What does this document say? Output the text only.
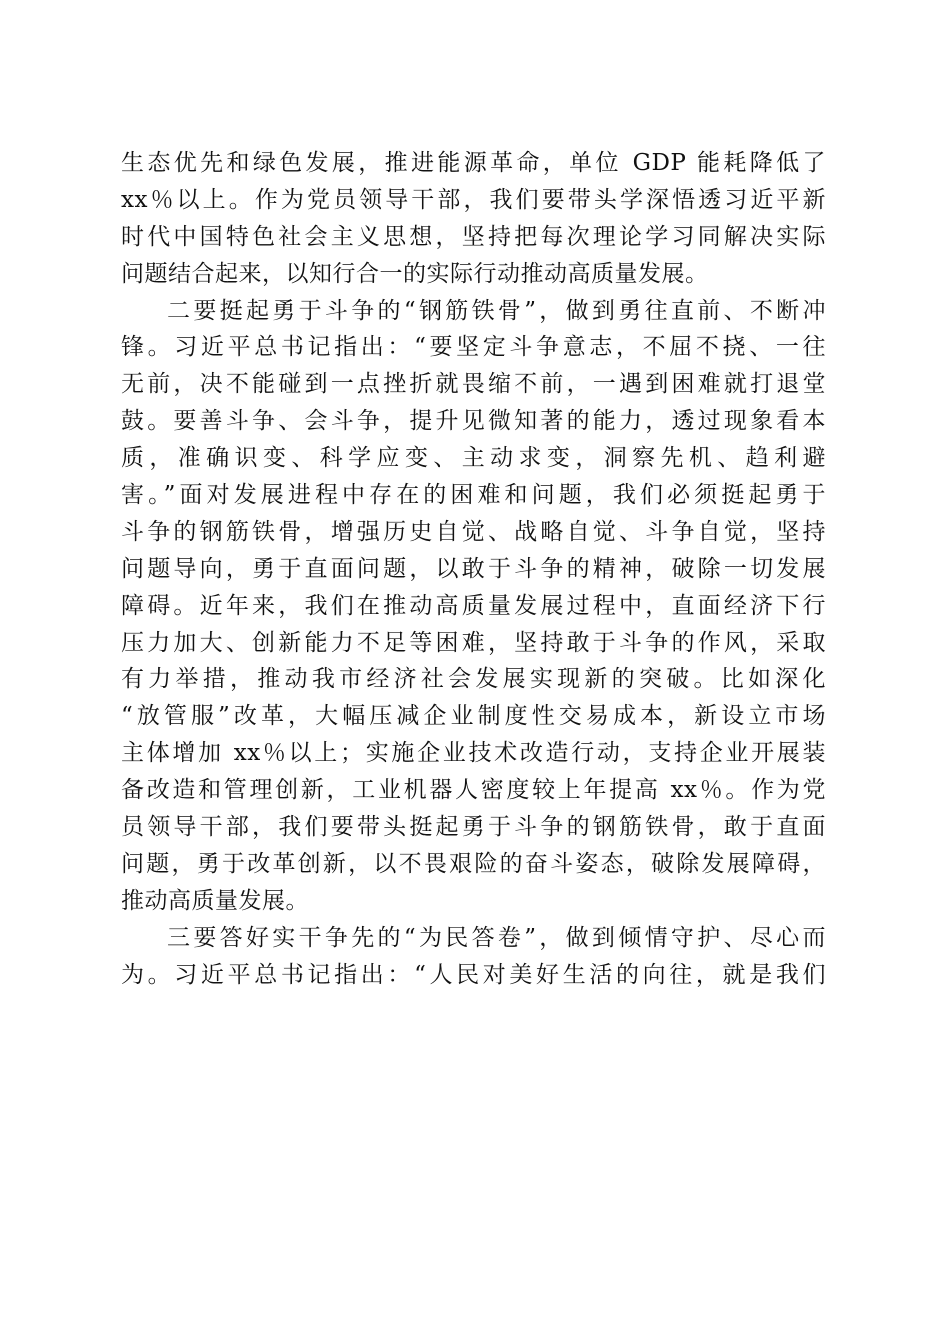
生态优先和绿色发展，推进能源革命，单位 GDP 能耗降低了
xx％以上。作为党员领导干部，我们要带头学深悟透习近平新
时代中国特色社会主义思想，坚持把每次理论学习同解决实际
问题结合起来，以知行合一的实际行动推动高质量发展。
二要挺起勇于斗争的“钢筋铁骨”，做到勇往直前、不断冲
锋。习近平总书记指出：“要坚定斗争意志，不屈不挠、一往
无前，决不能碰到一点挫折就畏缩不前，一遇到困难就打退堂
鼓。要善斗争、会斗争，提升见微知著的能力，透过现象看本
质，准确识变、科学应变、主动求变，洞察先机、趋利避
害。”面对发展进程中存在的困难和问题，我们必须挺起勇于
斗争的钢筋铁骨，增强历史自觉、战略自觉、斗争自觉，坚持
问题导向，勇于直面问题，以敢于斗争的精神，破除一切发展
障碍。近年来，我们在推动高质量发展过程中，直面经济下行
压力加大、创新能力不足等困难，坚持敢于斗争的作风，采取
有力举措，推动我市经济社会发展实现新的突破。比如深化
“放管服”改革，大幅压减企业制度性交易成本，新设立市场
主体增加 xx％以上；实施企业技术改造行动，支持企业开展装
备改造和管理创新，工业机器人密度较上年提高 xx％。作为党
员领导干部，我们要带头挺起勇于斗争的钢筋铁骨，敢于直面
问题，勇于改革创新，以不畏艰险的奋斗姿态，破除发展障碍，
推动高质量发展。
三要答好实干争先的“为民答卷”，做到倾情守护、尽心而
为。习近平总书记指出：“人民对美好生活的向往，就是我们
